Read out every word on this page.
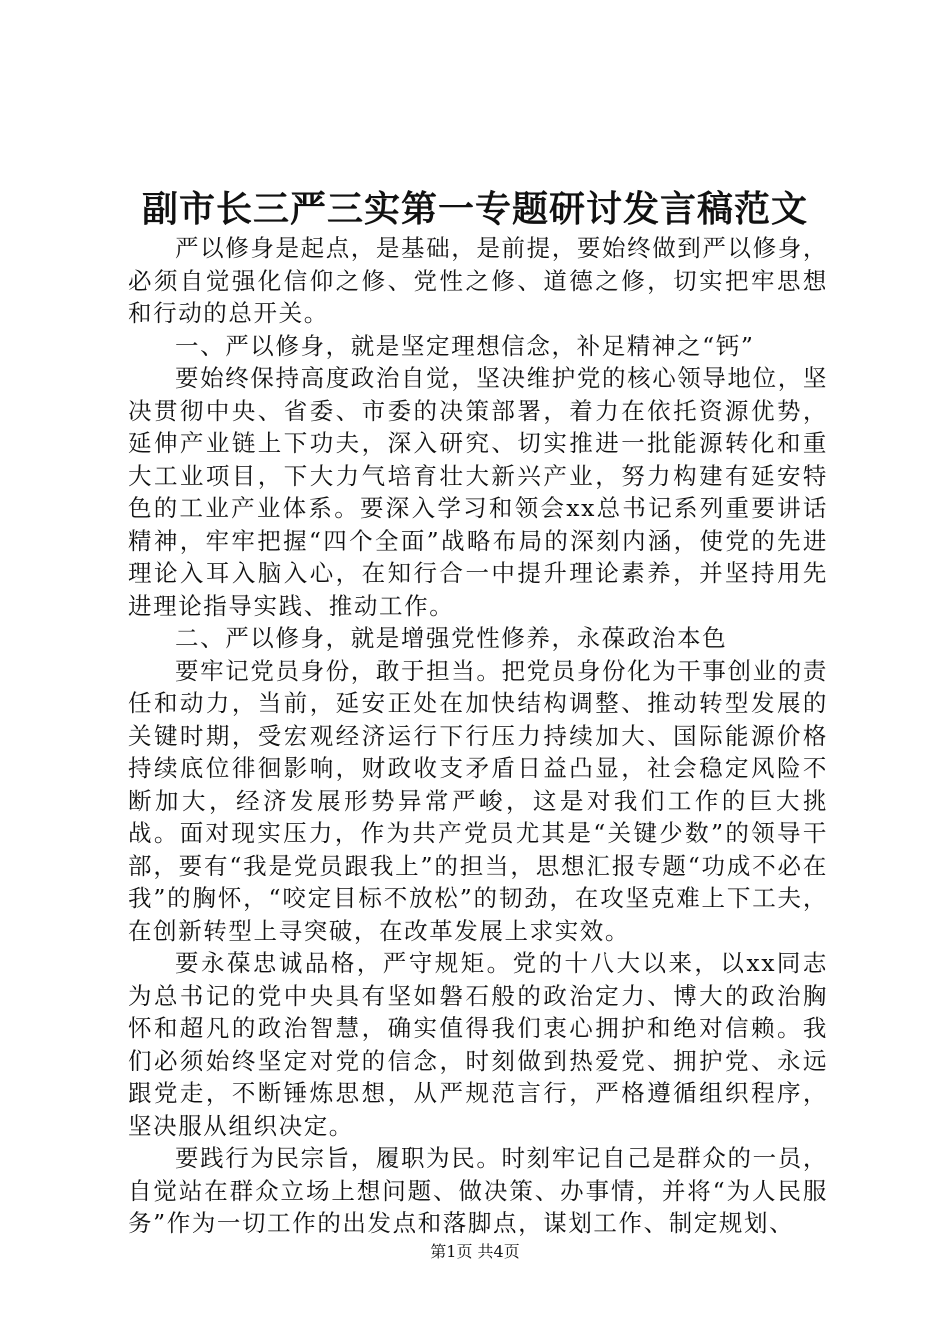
副市长三严三实第一专题研讨发言稿范文

严以修身是起点，是基础，是前提，要始终做到严以修身，必须自觉强化信仰之修、党性之修、道德之修，切实把牢思想和行动的总开关。

一、严以修身，就是坚定理想信念，补足精神之“钙”

要始终保持高度政治自觉，坚决维护党的核心领导地位，坚决贯彻中央、省委、市委的决策部署，着力在依托资源优势，延伸产业链上下功夫，深入研究、切实推进一批能源转化和重大工业项目，下大力气培育壮大新兴产业，努力构建有延安特色的工业产业体系。要深入学习和领会xx总书记系列重要讲话精神，牢牢把握“四个全面”战略布局的深刻内涵，使党的先进理论入耳入脑入心，在知行合一中提升理论素养，并坚持用先进理论指导实践、推动工作。

二、严以修身，就是增强党性修养，永葆政治本色

要牢记党员身份，敢于担当。把党员身份化为干事创业的责任和动力，当前，延安正处在加快结构调整、推动转型发展的关键时期，受宏观经济运行下行压力持续加大、国际能源价格持续底位徘徊影响，财政收支矛盾日益凸显，社会稳定风险不断加大，经济发展形势异常严峻，这是对我们工作的巨大挑战。面对现实压力，作为共产党员尤其是“关键少数”的领导干部，要有“我是党员跟我上”的担当，思想汇报专题“功成不必在我”的胸怀，“咬定目标不放松”的韧劲，在攻坚克难上下工夫，在创新转型上寻突破，在改革发展上求实效。

要永葆忠诚品格，严守规矩。党的十八大以来，以xx同志为总书记的党中央具有坚如磐石般的政治定力、博大的政治胸怀和超凡的政治智慧，确实值得我们衷心拥护和绝对信赖。我们必须始终坚定对党的信念，时刻做到热爱党、拥护党、永远跟党走，不断锤炼思想，从严规范言行，严格遵循组织程序，坚决服从组织决定。

要践行为民宗旨，履职为民。时刻牢记自己是群众的一员，自觉站在群众立场上想问题、做决策、办事情，并将“为人民服务”作为一切工作的出发点和落脚点，谋划工作、制定规划、

第1页 共4页
